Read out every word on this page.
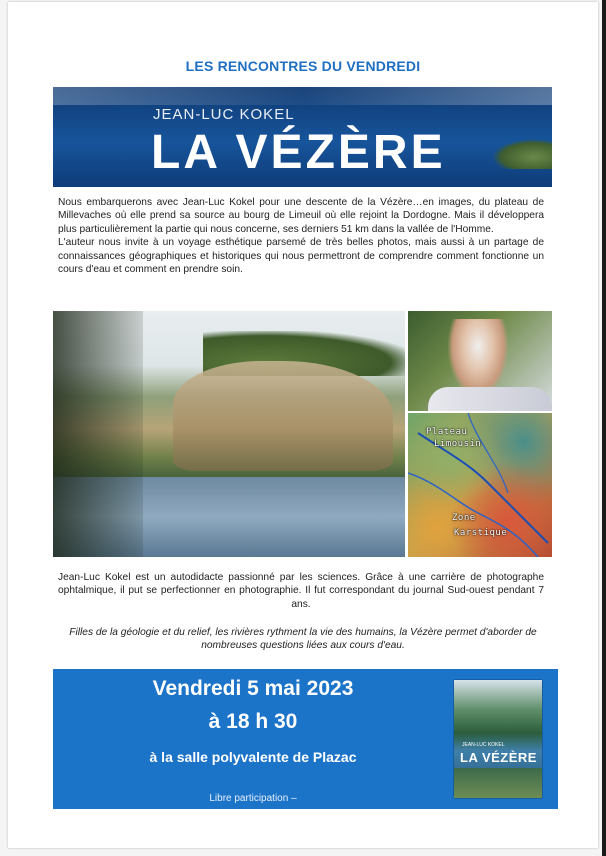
LES RENCONTRES DU VENDREDI
JEAN-LUC KOKEL
LA VÉZÈRE

Nous embarquerons avec Jean-Luc Kokel pour une descente de la Vézère…en images, du plateau de Millevaches où elle prend sa source au bourg de Limeuil où elle rejoint la Dordogne. Mais il développera plus particulièrement la partie qui nous concerne, ses derniers 51 km dans la vallée de l'Homme.

L'auteur nous invite à un voyage esthétique parsemé de très belles photos, mais aussi à un partage de connaissances géographiques et historiques qui nous permettront de comprendre comment fonctionne un cours d'eau et comment en prendre soin.

Plateau
Limousin
Zone
Karstique
Jean-Luc Kokel est un autodidacte passionné par les sciences. Grâce à une carrière de photographe ophtalmique, il put se perfectionner en photographie. Il fut correspondant du journal Sud-ouest pendant 7 ans.
Filles de la géologie et du relief, les rivières rythment la vie des humains, la Vézère permet d'aborder de nombreuses questions liées aux cours d'eau.
Vendredi 5 mai 2023
à 18 h 30
à la salle polyvalente de Plazac
Libre participation –
JEAN-LUC KOKEL
LA VÉZÈRE
